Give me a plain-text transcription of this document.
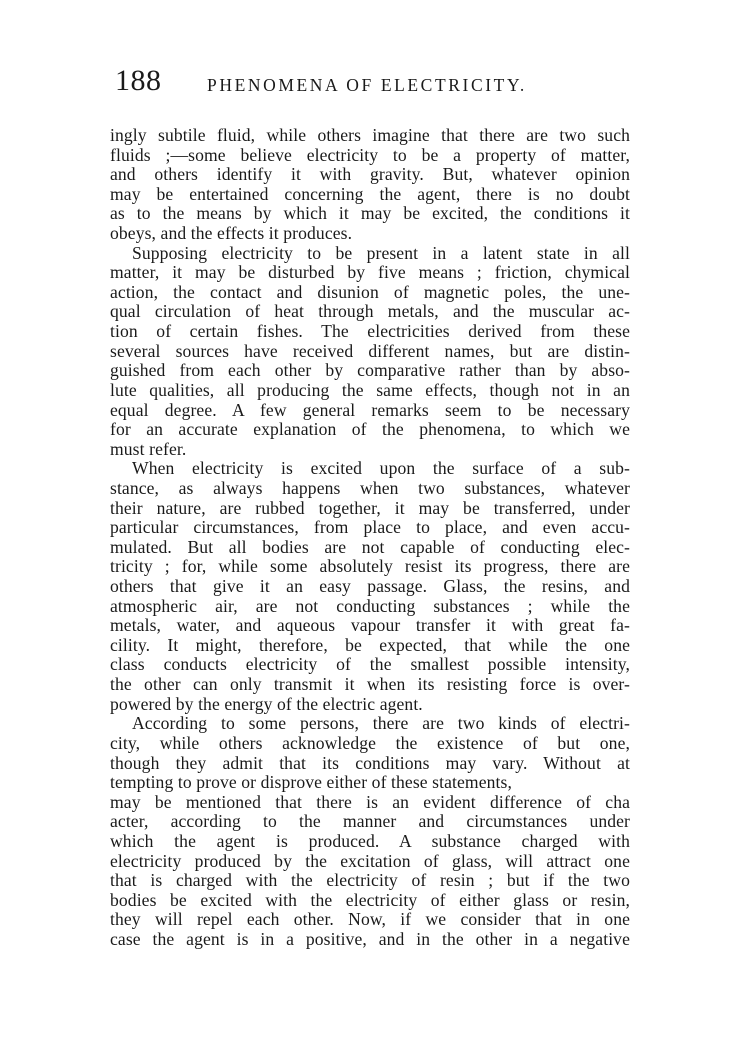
188	PHENOMENA OF ELECTRICITY.
ingly subtile fluid, while others imagine that there are two such
fluids ;—some believe electricity to be a property of matter,
and others identify it with gravity. But, whatever opinion
may be entertained concerning the agent, there is no doubt
as to the means by which it may be excited, the conditions it
obeys, and the effects it produces.
Supposing electricity to be present in a latent state in all
matter, it may be disturbed by five means ; friction, chymical
action, the contact and disunion of magnetic poles, the une-
qual circulation of heat through metals, and the muscular ac-
tion of certain fishes. The electricities derived from these
several sources have received different names, but are distin-
guished from each other by comparative rather than by abso-
lute qualities, all producing the same effects, though not in an
equal degree. A few general remarks seem to be necessary
for an accurate explanation of the phenomena, to which we
must refer.
When electricity is excited upon the surface of a sub-
stance, as always happens when two substances, whatever
their nature, are rubbed together, it may be transferred, under
particular circumstances, from place to place, and even accu-
mulated. But all bodies are not capable of conducting elec-
tricity ; for, while some absolutely resist its progress, there are
others that give it an easy passage. Glass, the resins, and
atmospheric air, are not conducting substances ; while the
metals, water, and aqueous vapour transfer it with great fa-
cility. It might, therefore, be expected, that while the one
class conducts electricity of the smallest possible intensity,
the other can only transmit it when its resisting force is over-
powered by the energy of the electric agent.
According to some persons, there are two kinds of electri-
city, while others acknowledge the existence of but one,
though they admit that its conditions may vary. Without at
tempting to prove or disprove either of these statements,
may be mentioned that there is an evident difference of cha
acter, according to the manner and circumstances under
which the agent is produced. A substance charged with
electricity produced by the excitation of glass, will attract one
that is charged with the electricity of resin ; but if the two
bodies be excited with the electricity of either glass or resin,
they will repel each other. Now, if we consider that in one
case the agent is in a positive, and in the other in a negative
